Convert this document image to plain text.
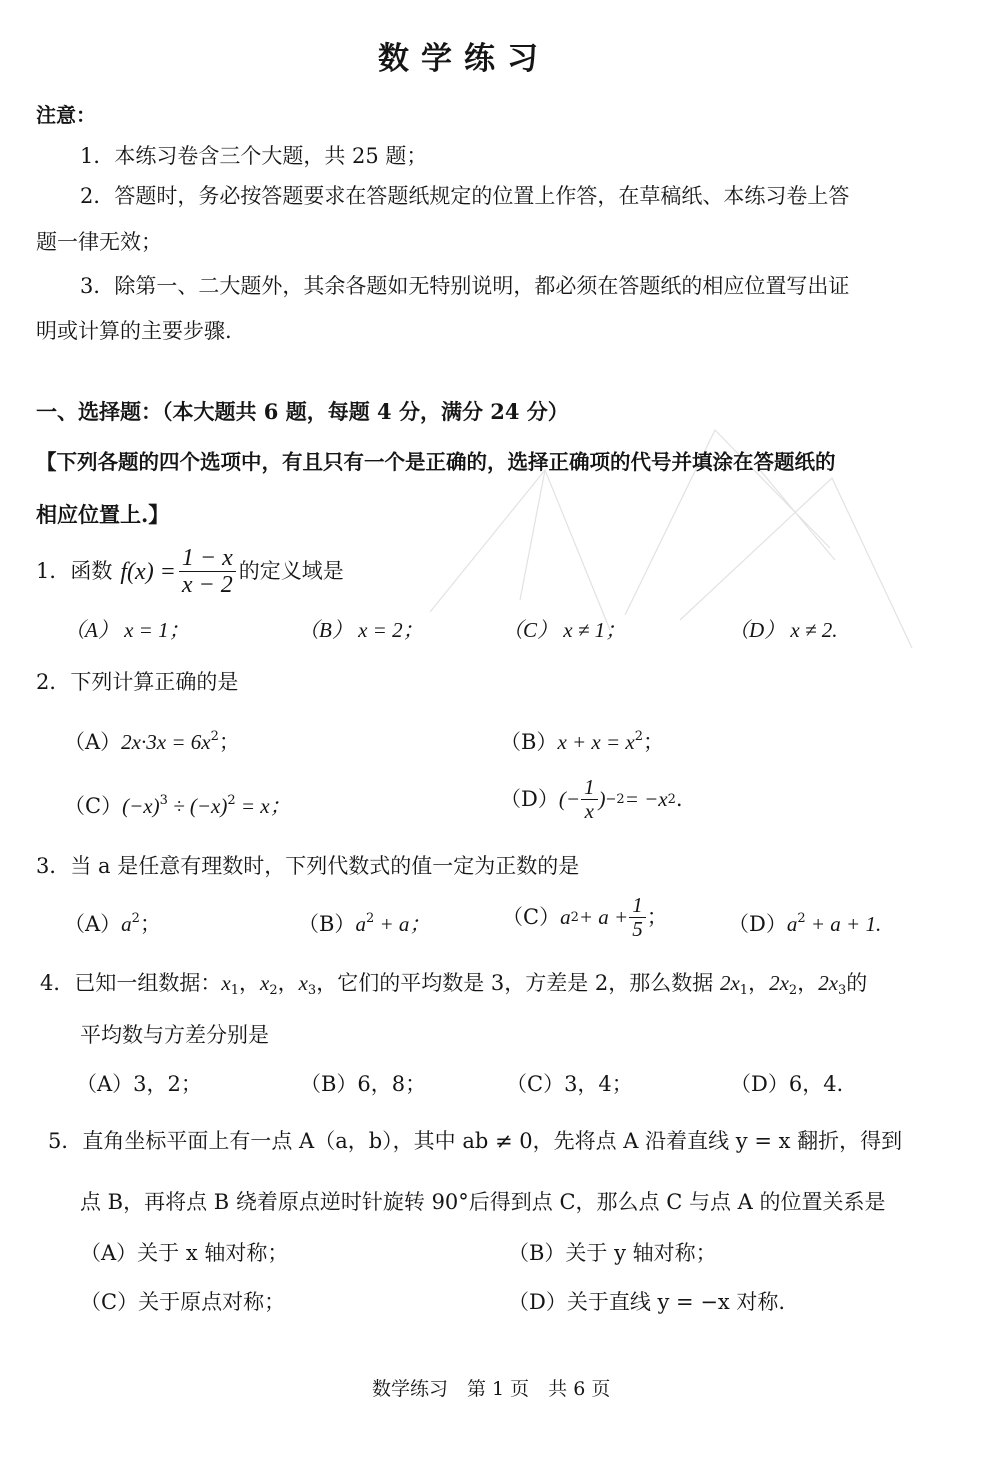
数学练习
注意：
1．本练习卷含三个大题，共 25 题；
2．答题时，务必按答题要求在答题纸规定的位置上作答，在草稿纸、本练习卷上答
题一律无效；
3．除第一、二大题外，其余各题如无特别说明，都必须在答题纸的相应位置写出证
明或计算的主要步骤.
一、选择题：（本大题共 6 题，每题 4 分，满分 24 分）
【下列各题的四个选项中，有且只有一个是正确的，选择正确项的代号并填涂在答题纸的
相应位置上.】
1．函数 $f(x) = \frac{1 - x}{x - 2}$ 的定义域是
（A） x = 1；	（B） x = 2；	（C） x ≠ 1；	（D） x ≠ 2.
2．下列计算正确的是
$(A)2x\cdot 3x = 6x^2$；	$(B)x + x = x^2$；
$(C)(-x)^3 \div (-x)^2 = x$；	（D） (− $\frac{1}{x}$ ) −2 = −x 2 .
3．当 a 是任意有理数时，下列代数式的值一定为正数的是
$(A)a^2$；	$(B)a^2 + a$；	（C） a $2 + a + \frac{1}{5}$ ；	$(D)a^2 + a + 1$.
4．已知一组数据：$x_1$，$x_2$，$x_3$，它们的平均数是 3，方差是 2，那么数据 $2x_1$，$2x_2$，$2x_3$的
平均数与方差分别是
（A）3，2；	（B）6，8；	（C）3，4；	（D）6，4.
5．直角坐标平面上有一点 A（a，b），其中 ab ≠ 0，先将点 A 沿着直线 y = x 翻折，得到
点 B，再将点 B 绕着原点逆时针旋转 90°后得到点 C，那么点 C 与点 A 的位置关系是
（A）关于 x 轴对称；	（B）关于 y 轴对称；
（C）关于原点对称；	（D）关于直线 y = −x 对称.
数学练习　第 1 页　共 6 页
